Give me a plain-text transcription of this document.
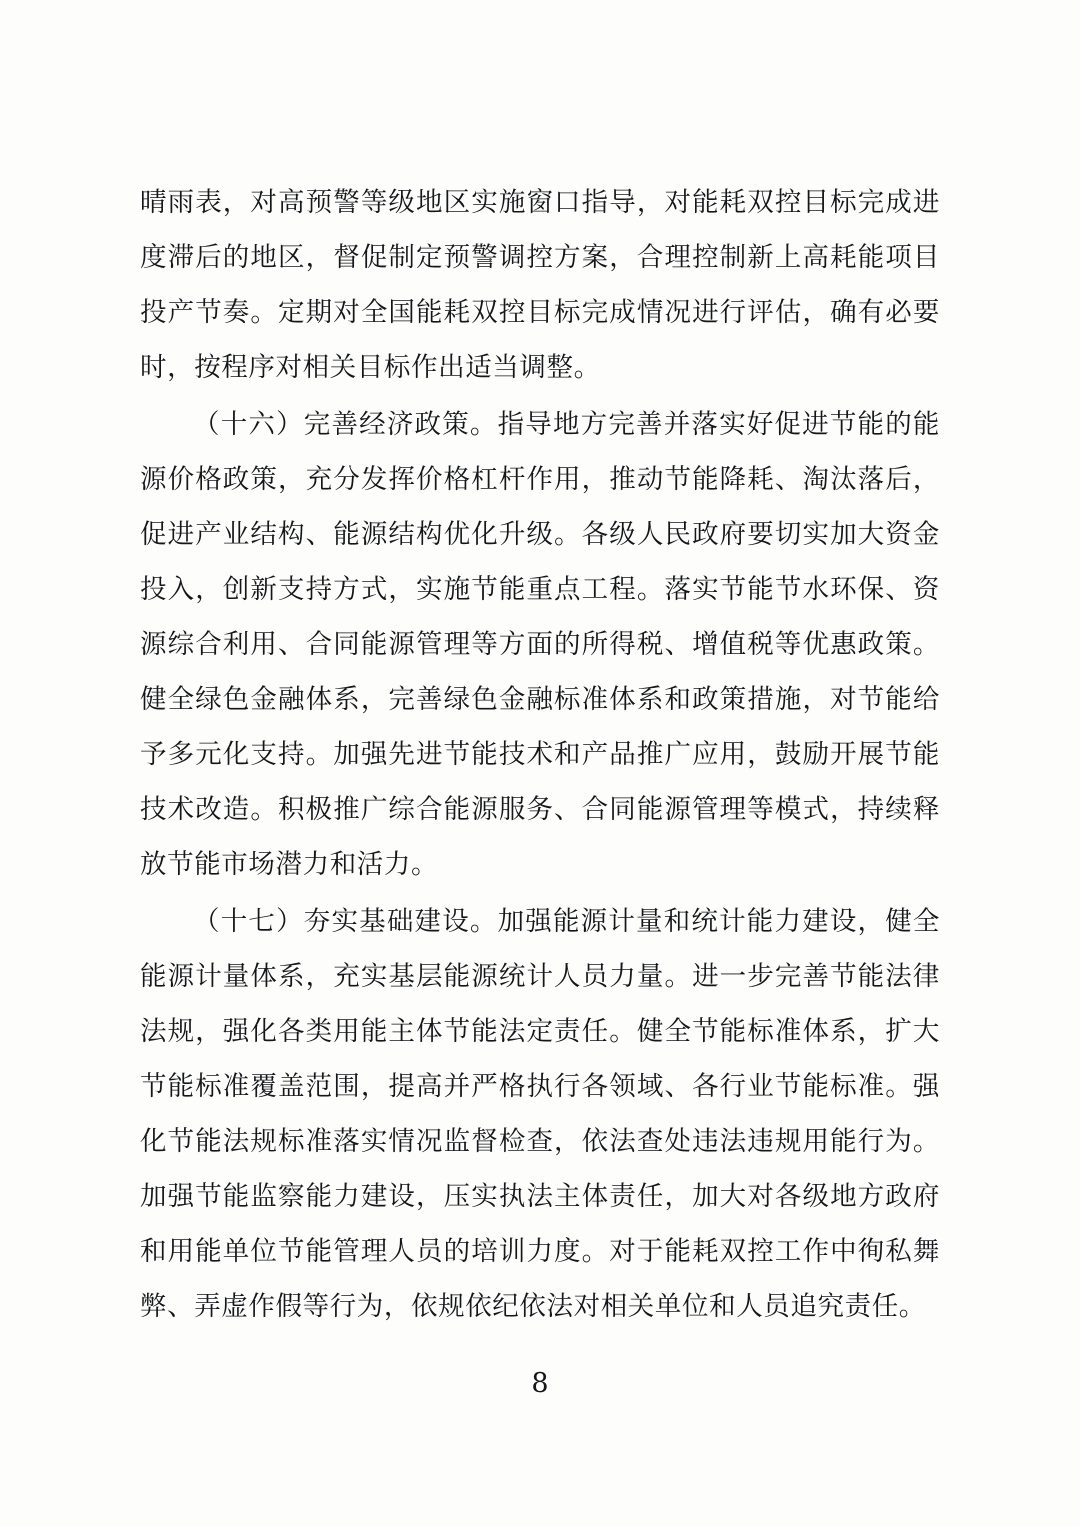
晴雨表，对高预警等级地区实施窗口指导，对能耗双控目标完成进度滞后的地区，督促制定预警调控方案，合理控制新上高耗能项目投产节奏。定期对全国能耗双控目标完成情况进行评估，确有必要时，按程序对相关目标作出适当调整。

（十六）完善经济政策。指导地方完善并落实好促进节能的能源价格政策，充分发挥价格杠杆作用，推动节能降耗、淘汰落后，促进产业结构、能源结构优化升级。各级人民政府要切实加大资金投入，创新支持方式，实施节能重点工程。落实节能节水环保、资源综合利用、合同能源管理等方面的所得税、增值税等优惠政策。健全绿色金融体系，完善绿色金融标准体系和政策措施，对节能给予多元化支持。加强先进节能技术和产品推广应用，鼓励开展节能技术改造。积极推广综合能源服务、合同能源管理等模式，持续释放节能市场潜力和活力。

（十七）夯实基础建设。加强能源计量和统计能力建设，健全能源计量体系，充实基层能源统计人员力量。进一步完善节能法律法规，强化各类用能主体节能法定责任。健全节能标准体系，扩大节能标准覆盖范围，提高并严格执行各领域、各行业节能标准。强化节能法规标准落实情况监督检查，依法查处违法违规用能行为。加强节能监察能力建设，压实执法主体责任，加大对各级地方政府和用能单位节能管理人员的培训力度。对于能耗双控工作中徇私舞弊、弄虚作假等行为，依规依纪依法对相关单位和人员追究责任。

8
